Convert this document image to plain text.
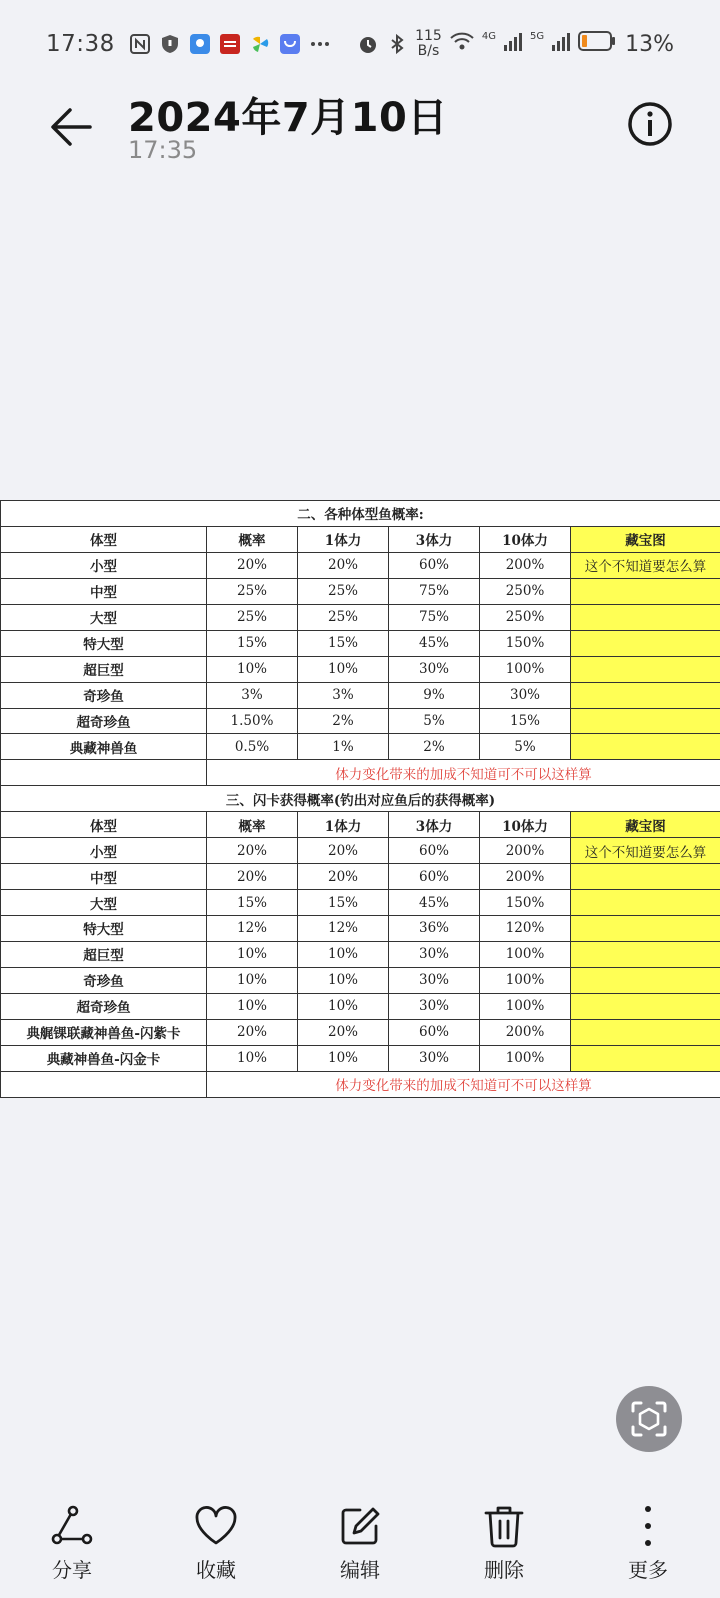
17:38	115
B/s
4G	5G	13%
2024年7月10日
17:35
二、各种体型鱼概率:					
体型	概率	1体力	3体力	10体力	藏宝图
小型	20%	20%	60%	200%	这个不知道要怎么算
中型	25%	25%	75%	250%	
大型	25%	25%	75%	250%	
特大型	15%	15%	45%	150%	
超巨型	10%	10%	30%	100%	
奇珍鱼	3%	3%	9%	30%	
超奇珍鱼	1.50%	2%	5%	15%	
典藏神兽鱼	0.5%	1%	2%	5%	
	体力变化带来的加成不知道可不可以这样算				
三、闪卡获得概率(钓出对应鱼后的获得概率)					
体型	概率	1体力	3体力	10体力	藏宝图
小型	20%	20%	60%	200%	这个不知道要怎么算
中型	20%	20%	60%	200%	
大型	15%	15%	45%	150%	
特大型	12%	12%	36%	120%	
超巨型	10%	10%	30%	100%	
奇珍鱼	10%	10%	30%	100%	
超奇珍鱼	10%	10%	30%	100%	
典艉锞联藏神兽鱼-闪紫卡	20%	20%	60%	200%	
典藏神兽鱼-闪金卡	10%	10%	30%	100%	
	体力变化带来的加成不知道可不可以这样算				
分享	收藏	编辑	删除	更多
